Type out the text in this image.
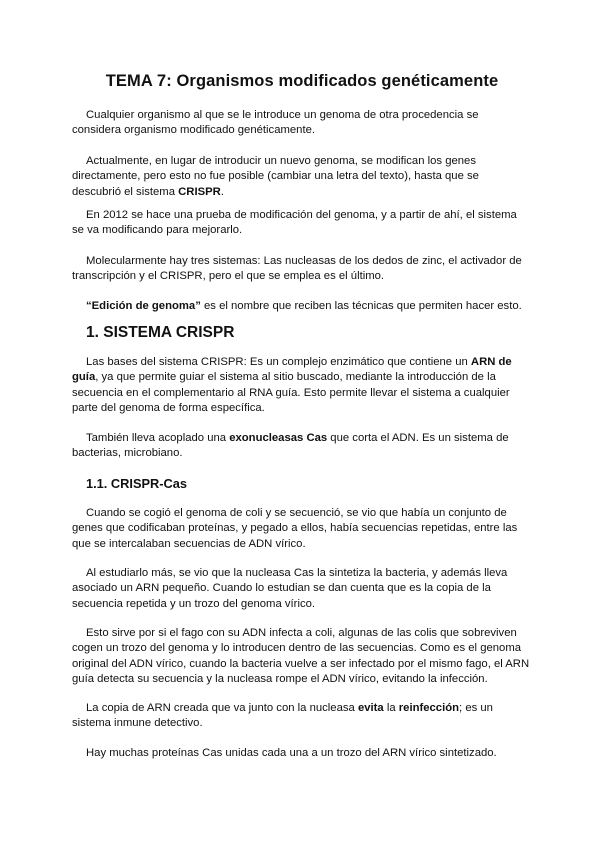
TEMA 7: Organismos modificados genéticamente

Cualquier organismo al que se le introduce un genoma de otra procedencia se considera organismo modificado genéticamente.

Actualmente, en lugar de introducir un nuevo genoma, se modifican los genes directamente, pero esto no fue posible (cambiar una letra del texto), hasta que se descubrió el sistema CRISPR.

En 2012 se hace una prueba de modificación del genoma, y a partir de ahí, el sistema se va modificando para mejorarlo.

Molecularmente hay tres sistemas: Las nucleasas de los dedos de zinc, el activador de transcripción y el CRISPR, pero el que se emplea es el último.

“Edición de genoma” es el nombre que reciben las técnicas que permiten hacer esto.

1. SISTEMA CRISPR

Las bases del sistema CRISPR: Es un complejo enzimático que contiene un ARN de guía, ya que permite guiar el sistema al sitio buscado, mediante la introducción de la secuencia en el complementario al RNA guía. Esto permite llevar el sistema a cualquier parte del genoma de forma específica.

También lleva acoplado una exonucleasas Cas que corta el ADN. Es un sistema de bacterias, microbiano.

1.1. CRISPR-Cas

Cuando se cogió el genoma de coli y se secuenció, se vio que había un conjunto de genes que codificaban proteínas, y pegado a ellos, había secuencias repetidas, entre las que se intercalaban secuencias de ADN vírico.

Al estudiarlo más, se vio que la nucleasa Cas la sintetiza la bacteria, y además lleva asociado un ARN pequeño. Cuando lo estudian se dan cuenta que es la copia de la secuencia repetida y un trozo del genoma vírico.

Esto sirve por si el fago con su ADN infecta a coli, algunas de las colis que sobreviven cogen un trozo del genoma y lo introducen dentro de las secuencias. Como es el genoma original del ADN vírico, cuando la bacteria vuelve a ser infectado por el mismo fago, el ARN guía detecta su secuencia y la nucleasa rompe el ADN vírico, evitando la infección.

La copia de ARN creada que va junto con la nucleasa evita la reinfección; es un sistema inmune detectivo.

Hay muchas proteínas Cas unidas cada una a un trozo del ARN vírico sintetizado.
